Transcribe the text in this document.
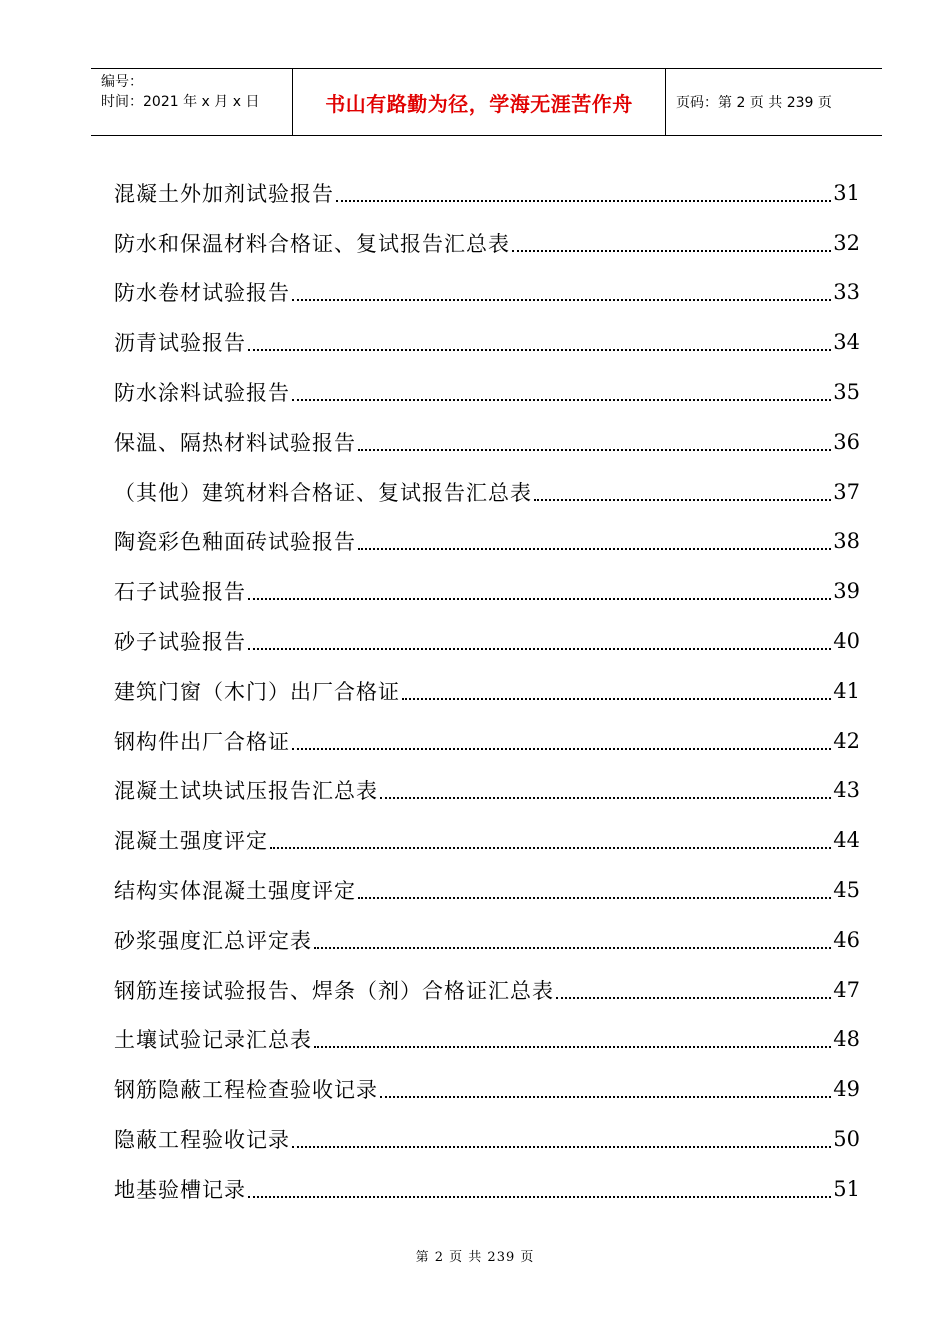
编号：
时间：2021 年 x 月 x 日	书山有路勤为径，学海无涯苦作舟	页码：第 2 页 共 239 页
混凝土外加剂试验报告	31
防水和保温材料合格证、复试报告汇总表	32
防水卷材试验报告	33
沥青试验报告	34
防水涂料试验报告	35
保温、隔热材料试验报告	36
（其他）建筑材料合格证、复试报告汇总表	37
陶瓷彩色釉面砖试验报告	38
石子试验报告	39
砂子试验报告	40
建筑门窗（木门）出厂合格证	41
钢构件出厂合格证	42
混凝土试块试压报告汇总表	43
混凝土强度评定	44
结构实体混凝土强度评定	45
砂浆强度汇总评定表	46
钢筋连接试验报告、焊条（剂）合格证汇总表	47
土壤试验记录汇总表	48
钢筋隐蔽工程检查验收记录	49
隐蔽工程验收记录	50
地基验槽记录	51
第 2 页 共 239 页
